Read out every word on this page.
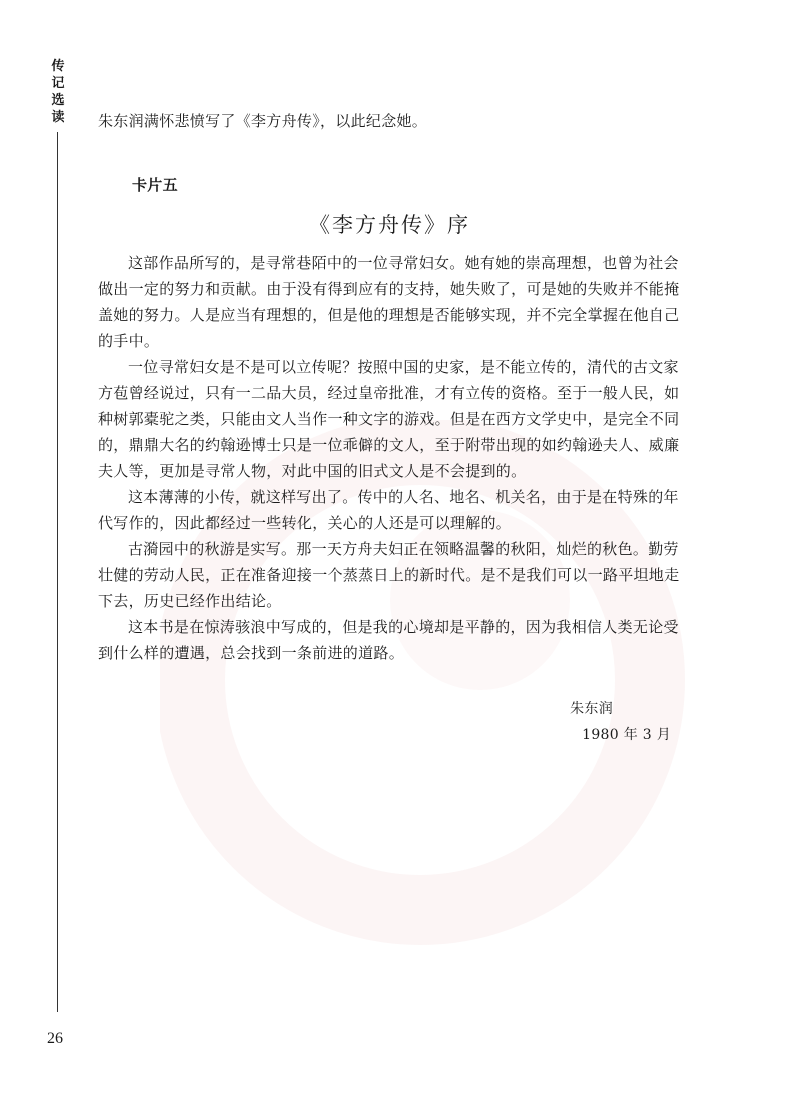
传
记
选
读 朱东润满怀悲愤写了《李方舟传》，以此纪念她。

卡片五

《李方舟传》序

这部作品所写的，是寻常巷陌中的一位寻常妇女。她有她的崇高理想，也曾为社会做出一定的努力和贡献。由于没有得到应有的支持，她失败了，可是她的失败并不能掩盖她的努力。人是应当有理想的，但是他的理想是否能够实现，并不完全掌握在他自己的手中。

一位寻常妇女是不是可以立传呢？按照中国的史家，是不能立传的，清代的古文家方苞曾经说过，只有一二品大员，经过皇帝批准，才有立传的资格。至于一般人民，如种树郭橐驼之类，只能由文人当作一种文字的游戏。但是在西方文学史中，是完全不同的，鼎鼎大名的约翰逊博士只是一位乖僻的文人，至于附带出现的如约翰逊夫人、威廉夫人等，更加是寻常人物，对此中国的旧式文人是不会提到的。

这本薄薄的小传，就这样写出了。传中的人名、地名、机关名，由于是在特殊的年代写作的，因此都经过一些转化，关心的人还是可以理解的。

古漪园中的秋游是实写。那一天方舟夫妇正在领略温馨的秋阳，灿烂的秋色。勤劳壮健的劳动人民，正在准备迎接一个蒸蒸日上的新时代。是不是我们可以一路平坦地走下去，历史已经作出结论。

这本书是在惊涛骇浪中写成的，但是我的心境却是平静的，因为我相信人类无论受到什么样的遭遇，总会找到一条前进的道路。

朱东润

1980 年 3 月

26
